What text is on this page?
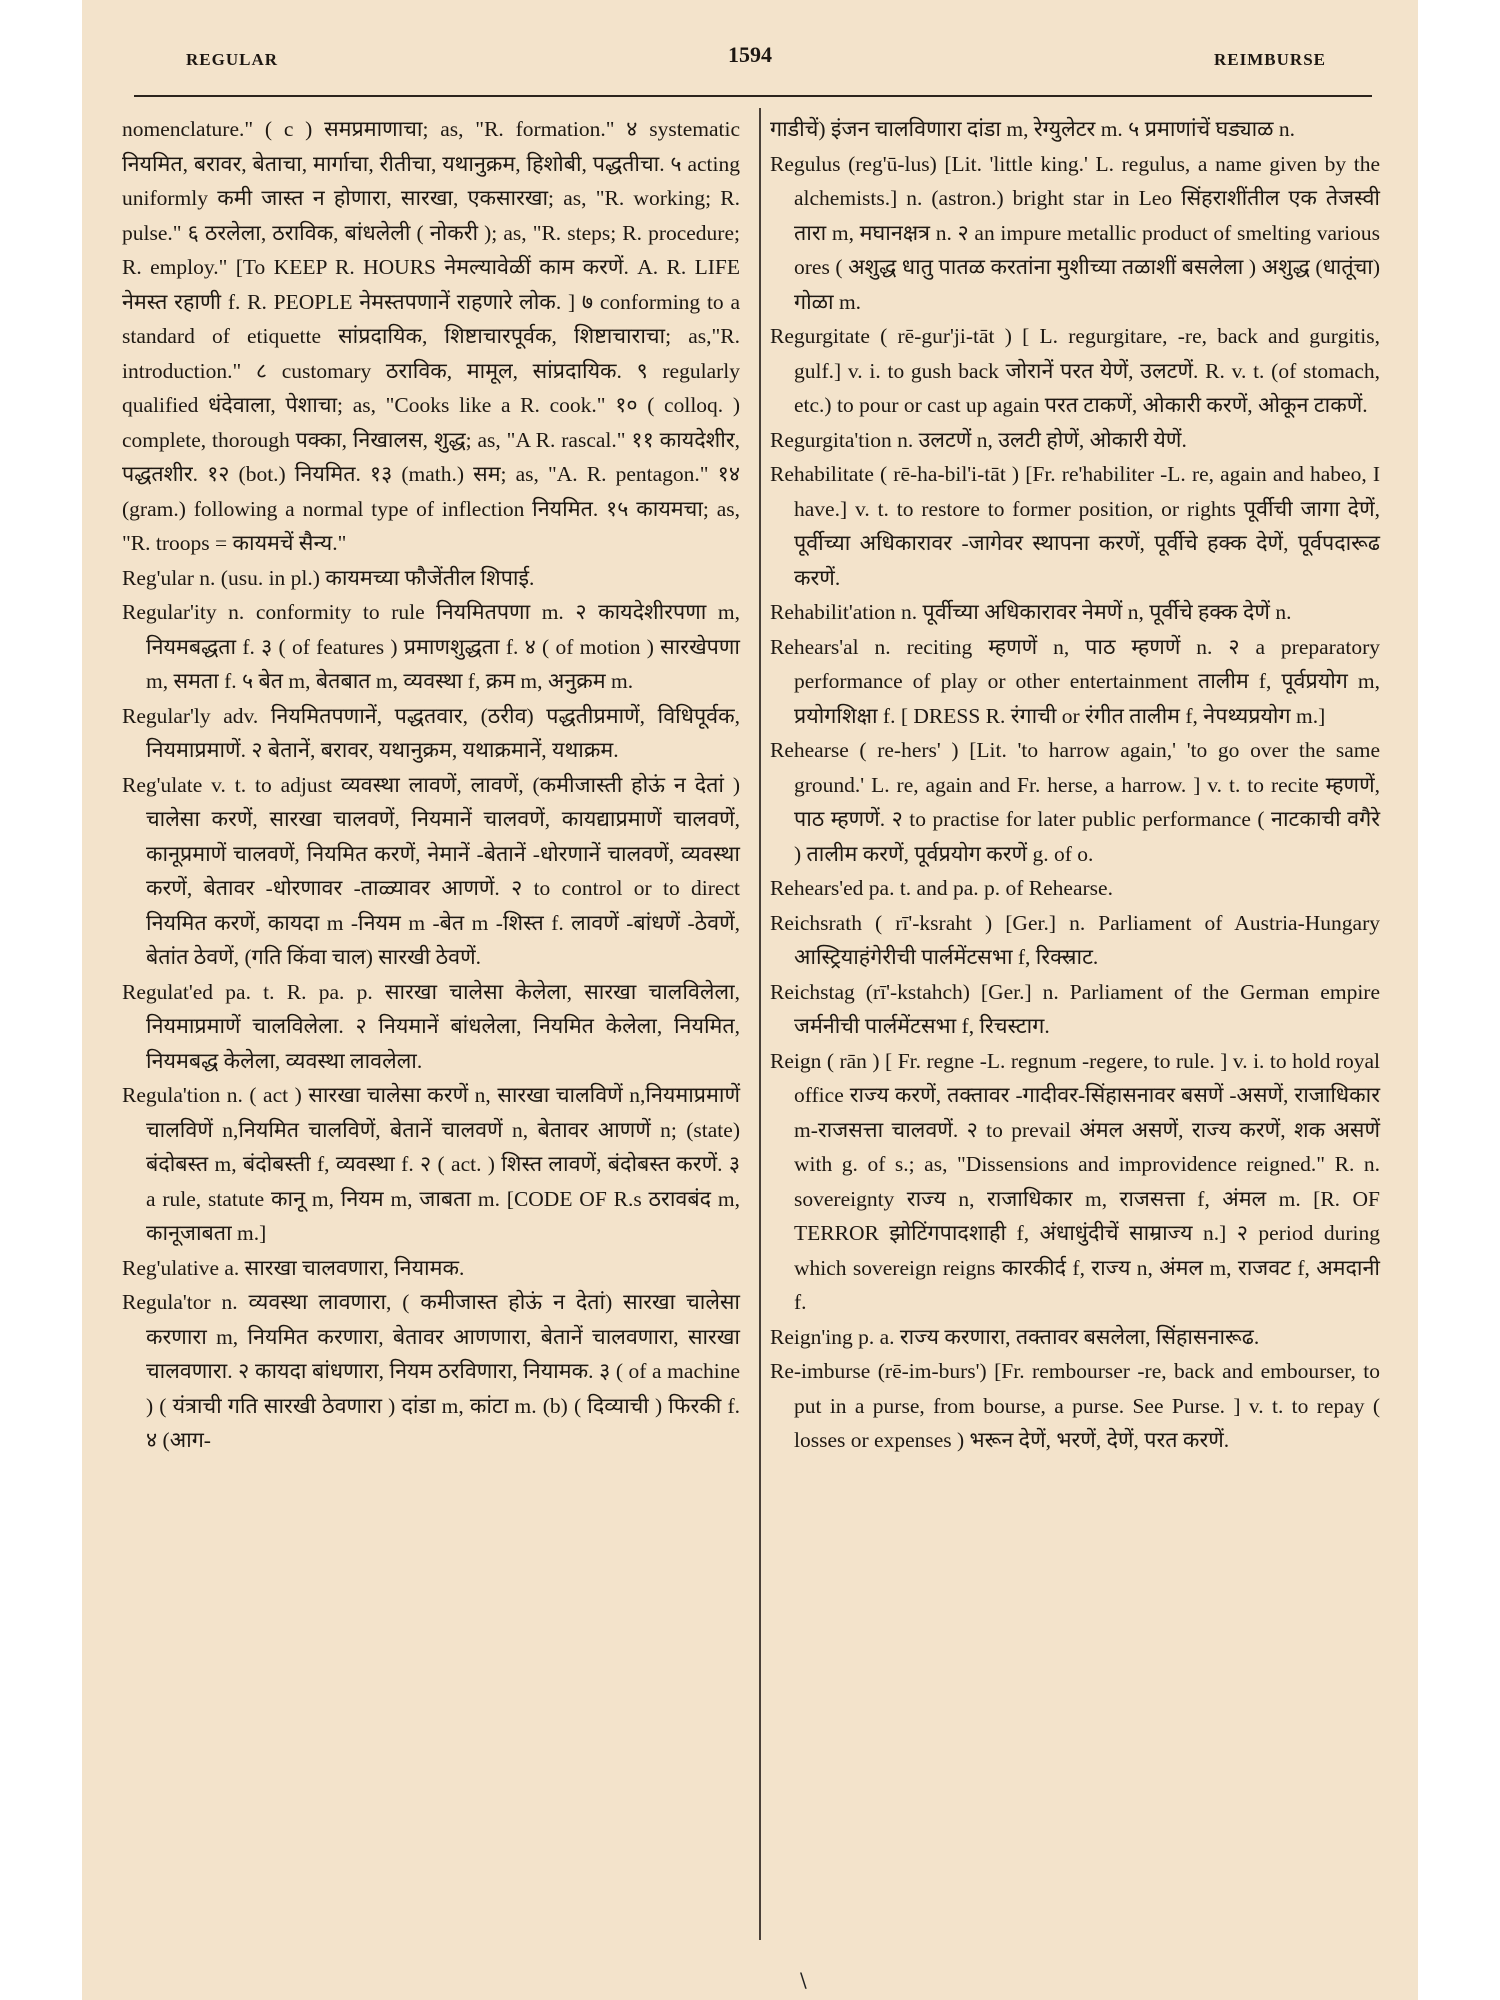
REGULAR	1594	REIMBURSE

nomenclature." ( c ) समप्रमाणाचा; as, "R. formation." ४ systematic नियमित, बरावर, बेताचा, मार्गाचा, रीतीचा, यथानुक्रम, हिशोबी, पद्धतीचा. ५ acting uniformly कमी जास्त न होणारा, सारखा, एकसारखा; as, "R. working; R. pulse." ६ ठरलेला, ठराविक, बांधलेली ( नोकरी ); as, "R. steps; R. procedure; R. employ." [To KEEP R. HOURS नेमल्यावेळीं काम करणें. A. R. LIFE नेमस्त रहाणी f. R. PEOPLE नेमस्तपणानें राहणारे लोक. ] ७ conforming to a standard of etiquette सांप्रदायिक, शिष्टाचारपूर्वक, शिष्टाचाराचा; as,"R. introduction." ८ customary ठराविक, मामूल, सांप्रदायिक. ९ regularly qualified धंदेवाला, पेशाचा; as, "Cooks like a R. cook." १० ( colloq. ) complete, thorough पक्का, निखालस, शुद्ध; as, "A R. rascal." ११ कायदेशीर, पद्धतशीर. १२ (bot.) नियमित. १३ (math.) सम; as, "A. R. pentagon." १४ (gram.) following a normal type of inflection नियमित. १५ कायमचा; as, "R. troops = कायमचें सैन्य."

Reg'ular n. (usu. in pl.) कायमच्या फौजेंतील शिपाई.

Regular'ity n. conformity to rule नियमितपणा m. २ कायदेशीरपणा m, नियमबद्धता f. ३ ( of features ) प्रमाणशुद्धता f. ४ ( of motion ) सारखेपणा m, समता f. ५ बेत m, बेतबात m, व्यवस्था f, क्रम m, अनुक्रम m.

Regular'ly adv. नियमितपणानें, पद्धतवार, (ठरीव) पद्धतीप्रमाणें, विधिपूर्वक, नियमाप्रमाणें. २ बेतानें, बरावर, यथानुक्रम, यथाक्रमानें, यथाक्रम.

Reg'ulate v. t. to adjust व्यवस्था लावणें, लावणें, (कमीजास्ती होऊं न देतां ) चालेसा करणें, सारखा चालवणें, नियमानें चालवणें, कायद्याप्रमाणें चालवणें, कानूप्रमाणें चालवणें, नियमित करणें, नेमानें -बेतानें -धोरणानें चालवणें, व्यवस्था करणें, बेतावर -धोरणावर -ताळ्यावर आणणें. २ to control or to direct नियमित करणें, कायदा m -नियम m -बेत m -शिस्त f. लावणें -बांधणें -ठेवणें, बेतांत ठेवणें, (गति किंवा चाल) सारखी ठेवणें.

Regulat'ed pa. t. R. pa. p. सारखा चालेसा केलेला, सारखा चालविलेला, नियमाप्रमाणें चालविलेला. २ नियमानें बांधलेला, नियमित केलेला, नियमित, नियमबद्ध केलेला, व्यवस्था लावलेला.

Regula'tion n. ( act ) सारखा चालेसा करणें n, सारखा चालविणें n,नियमाप्रमाणें चालविणें n,नियमित चालविणें, बेतानें चालवणें n, बेतावर आणणें n; (state) बंदोबस्त m, बंदोबस्ती f, व्यवस्था f. २ ( act. ) शिस्त लावणें, बंदोबस्त करणें. ३ a rule, statute कानू m, नियम m, जाबता m. [CODE OF R.s ठरावबंद m, कानूजाबता m.]

Reg'ulative a. सारखा चालवणारा, नियामक.

Regula'tor n. व्यवस्था लावणारा, ( कमीजास्त होऊं न देतां) सारखा चालेसा करणारा m, नियमित करणारा, बेतावर आणणारा, बेतानें चालवणारा, सारखा चालवणारा. २ कायदा बांधणारा, नियम ठरविणारा, नियामक. ३ ( of a machine ) ( यंत्राची गति सारखी ठेवणारा ) दांडा m, कांटा m. (b) ( दिव्याची ) फिरकी f. ४ (आग-

गाडीचें) इंजन चालविणारा दांडा m, रेग्युलेटर m. ५ प्रमाणांचें घड्याळ n.

Regulus (reg'ū-lus) [Lit. 'little king.' L. regulus, a name given by the alchemists.] n. (astron.) bright star in Leo सिंहराशींतील एक तेजस्वी तारा m, मघानक्षत्र n. २ an impure metallic product of smelting various ores ( अशुद्ध धातु पातळ करतांना मुशीच्या तळाशीं बसलेला ) अशुद्ध (धातूंचा) गोळा m.

Regurgitate ( rē-gur'ji-tāt ) [ L. regurgitare, -re, back and gurgitis, gulf.] v. i. to gush back जोरानें परत येणें, उलटणें. R. v. t. (of stomach, etc.) to pour or cast up again परत टाकणें, ओकारी करणें, ओकून टाकणें.

Regurgita'tion n. उलटणें n, उलटी होणें, ओकारी येणें.

Rehabilitate ( rē-ha-bil'i-tāt ) [Fr. re'habiliter -L. re, again and habeo, I have.] v. t. to restore to former position, or rights पूर्वीची जागा देणें, पूर्वीच्या अधिकारावर -जागेवर स्थापना करणें, पूर्वीचे हक्क देणें, पूर्वपदारूढ करणें.

Rehabilit'ation n. पूर्वीच्या अधिकारावर नेमणें n, पूर्वीचे हक्क देणें n.

Rehears'al n. reciting म्हणणें n, पाठ म्हणणें n. २ a preparatory performance of play or other entertainment तालीम f, पूर्वप्रयोग m, प्रयोगशिक्षा f. [ DRESS R. रंगाची or रंगीत तालीम f, नेपथ्यप्रयोग m.]

Rehearse ( re-hers' ) [Lit. 'to harrow again,' 'to go over the same ground.' L. re, again and Fr. herse, a harrow. ] v. t. to recite म्हणणें, पाठ म्हणणें. २ to practise for later public performance ( नाटकाची वगैरे ) तालीम करणें, पूर्वप्रयोग करणें g. of o.

Rehears'ed pa. t. and pa. p. of Rehearse.

Reichsrath ( rī'-ksraht ) [Ger.] n. Parliament of Austria-Hungary आस्ट्रियाहंगेरीची पार्लमेंटसभा f, रिक्स्राट.

Reichstag (rī'-kstahch) [Ger.] n. Parliament of the German empire जर्मनीची पार्लमेंटसभा f, रिचस्टाग.

Reign ( rān ) [ Fr. regne -L. regnum -regere, to rule. ] v. i. to hold royal office राज्य करणें, तक्तावर -गादीवर-सिंहासनावर बसणें -असणें, राजाधिकार m-राजसत्ता चालवणें. २ to prevail अंमल असणें, राज्य करणें, शक असणें with g. of s.; as, "Dissensions and improvidence reigned." R. n. sovereignty राज्य n, राजाधिकार m, राजसत्ता f, अंमल m. [R. OF TERROR झोटिंगपादशाही f, अंधाधुंदीचें साम्राज्य n.] २ period during which sovereign reigns कारकीर्द f, राज्य n, अंमल m, राजवट f, अमदानी f.

Reign'ing p. a. राज्य करणारा, तक्तावर बसलेला, सिंहासनारूढ.

Re-imburse (rē-im-burs') [Fr. rembourser -re, back and embourser, to put in a purse, from bourse, a purse. See Purse. ] v. t. to repay ( losses or expenses ) भरून देणें, भरणें, देणें, परत करणें.

\
